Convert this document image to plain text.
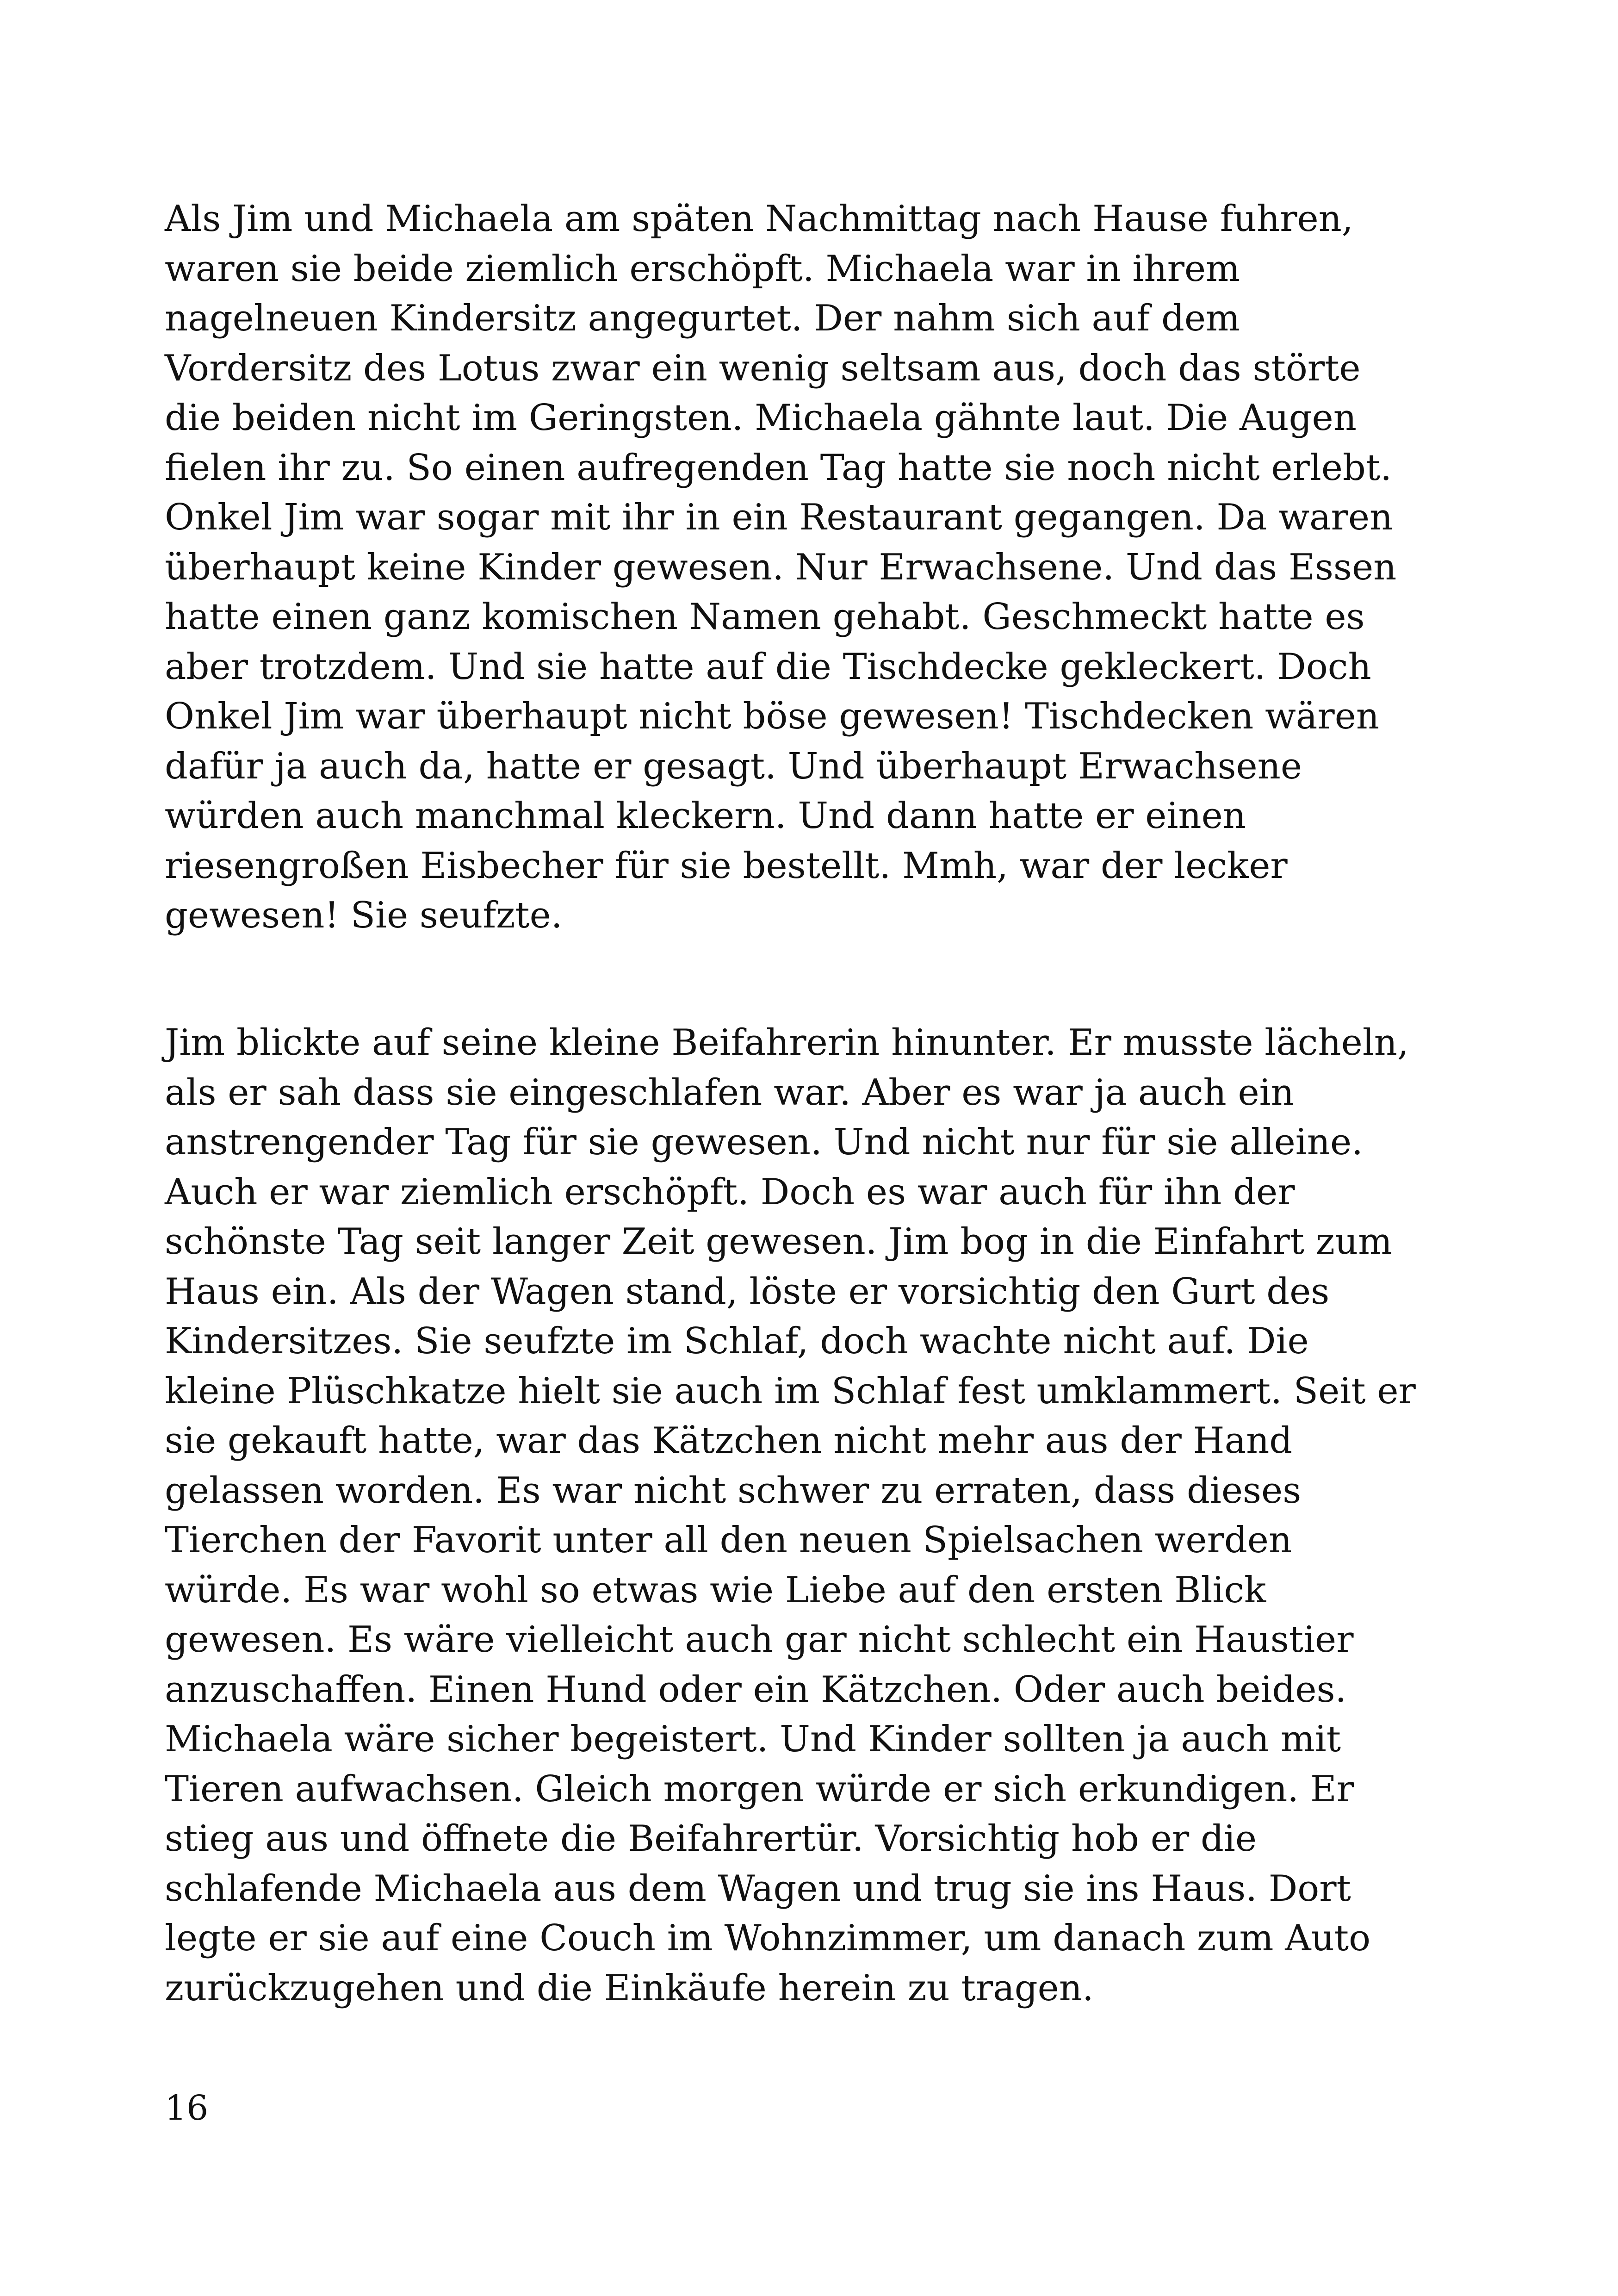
Als Jim und Michaela am späten Nachmittag nach Hause fuhren,
waren sie beide ziemlich erschöpft. Michaela war in ihrem
nagelneuen Kindersitz angegurtet. Der nahm sich auf dem
Vordersitz des Lotus zwar ein wenig seltsam aus, doch das störte
die beiden nicht im Geringsten. Michaela gähnte laut. Die Augen
fielen ihr zu. So einen aufregenden Tag hatte sie noch nicht erlebt.
Onkel Jim war sogar mit ihr in ein Restaurant gegangen. Da waren
überhaupt keine Kinder gewesen. Nur Erwachsene. Und das Essen
hatte einen ganz komischen Namen gehabt. Geschmeckt hatte es
aber trotzdem. Und sie hatte auf die Tischdecke gekleckert. Doch
Onkel Jim war überhaupt nicht böse gewesen! Tischdecken wären
dafür ja auch da, hatte er gesagt. Und überhaupt Erwachsene
würden auch manchmal kleckern. Und dann hatte er einen
riesengroßen Eisbecher für sie bestellt. Mmh, war der lecker
gewesen! Sie seufzte.
Jim blickte auf seine kleine Beifahrerin hinunter. Er musste lächeln,
als er sah dass sie eingeschlafen war. Aber es war ja auch ein
anstrengender Tag für sie gewesen. Und nicht nur für sie alleine.
Auch er war ziemlich erschöpft. Doch es war auch für ihn der
schönste Tag seit langer Zeit gewesen. Jim bog in die Einfahrt zum
Haus ein. Als der Wagen stand, löste er vorsichtig den Gurt des
Kindersitzes. Sie seufzte im Schlaf, doch wachte nicht auf. Die
kleine Plüschkatze hielt sie auch im Schlaf fest umklammert. Seit er
sie gekauft hatte, war das Kätzchen nicht mehr aus der Hand
gelassen worden. Es war nicht schwer zu erraten, dass dieses
Tierchen der Favorit unter all den neuen Spielsachen werden
würde. Es war wohl so etwas wie Liebe auf den ersten Blick
gewesen. Es wäre vielleicht auch gar nicht schlecht ein Haustier
anzuschaffen. Einen Hund oder ein Kätzchen. Oder auch beides.
Michaela wäre sicher begeistert. Und Kinder sollten ja auch mit
Tieren aufwachsen. Gleich morgen würde er sich erkundigen. Er
stieg aus und öffnete die Beifahrertür. Vorsichtig hob er die
schlafende Michaela aus dem Wagen und trug sie ins Haus. Dort
legte er sie auf eine Couch im Wohnzimmer, um danach zum Auto
zurückzugehen und die Einkäufe herein zu tragen.
16
